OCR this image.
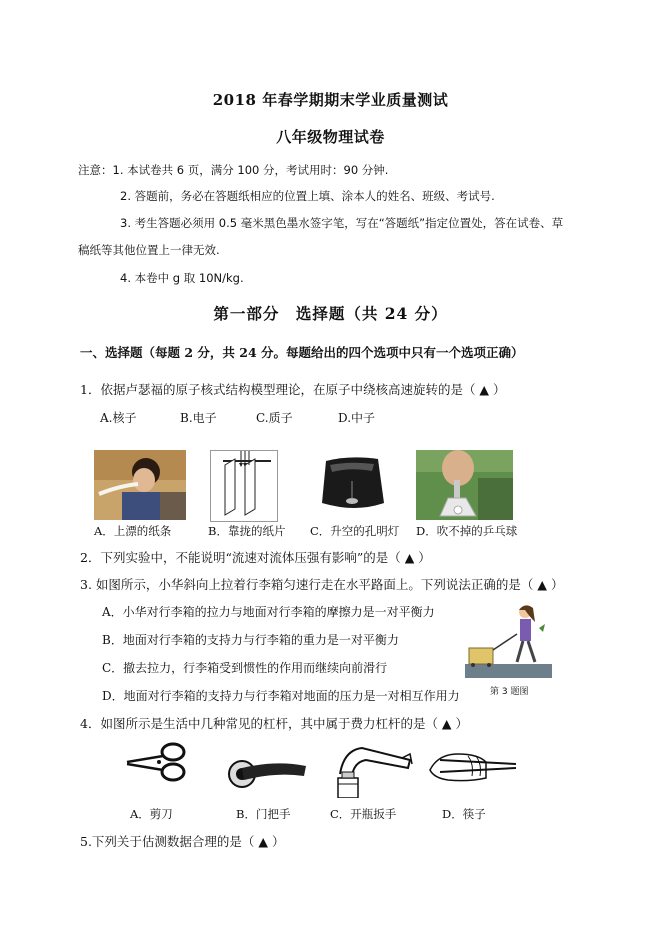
2018 年春学期期末学业质量测试
八年级物理试卷
注意：1. 本试卷共 6 页，满分 100 分，考试用时：90 分钟.
2. 答题前，务必在答题纸相应的位置上填、涂本人的姓名、班级、考试号.
3. 考生答题必须用 0.5 毫米黑色墨水签字笔，写在“答题纸”指定位置处，答在试卷、草
稿纸等其他位置上一律无效.
4. 本卷中 g 取 10N/kg.
第一部分　选择题（共 24 分）
一、选择题（每题 2 分，共 24 分。每题给出的四个选项中只有一个选项正确）
1．依据卢瑟福的原子核式结构模型理论，在原子中绕核高速旋转的是（ ▲ ）
A.核子	B.电子	C.质子	D.中子
A．上漂的纸条	B．靠拢的纸片 C．升空的孔明灯 D．吹不掉的乒乓球
2．下列实验中，不能说明“流速对流体压强有影响”的是（ ▲ ）
3. 如图所示，小华斜向上拉着行李箱匀速行走在水平路面上。下列说法正确的是（ ▲ ）
A．小华对行李箱的拉力与地面对行李箱的摩擦力是一对平衡力
B．地面对行李箱的支持力与行李箱的重力是一对平衡力
C．撤去拉力，行李箱受到惯性的作用而继续向前滑行
D．地面对行李箱的支持力与行李箱对地面的压力是一对相互作用力	第 3 题图
4．如图所示是生活中几种常见的杠杆，其中属于费力杠杆的是（ ▲ ）
A．剪刀	B．门把手	C．开瓶扳手	D．筷子
5.下列关于估测数据合理的是（ ▲ ）
